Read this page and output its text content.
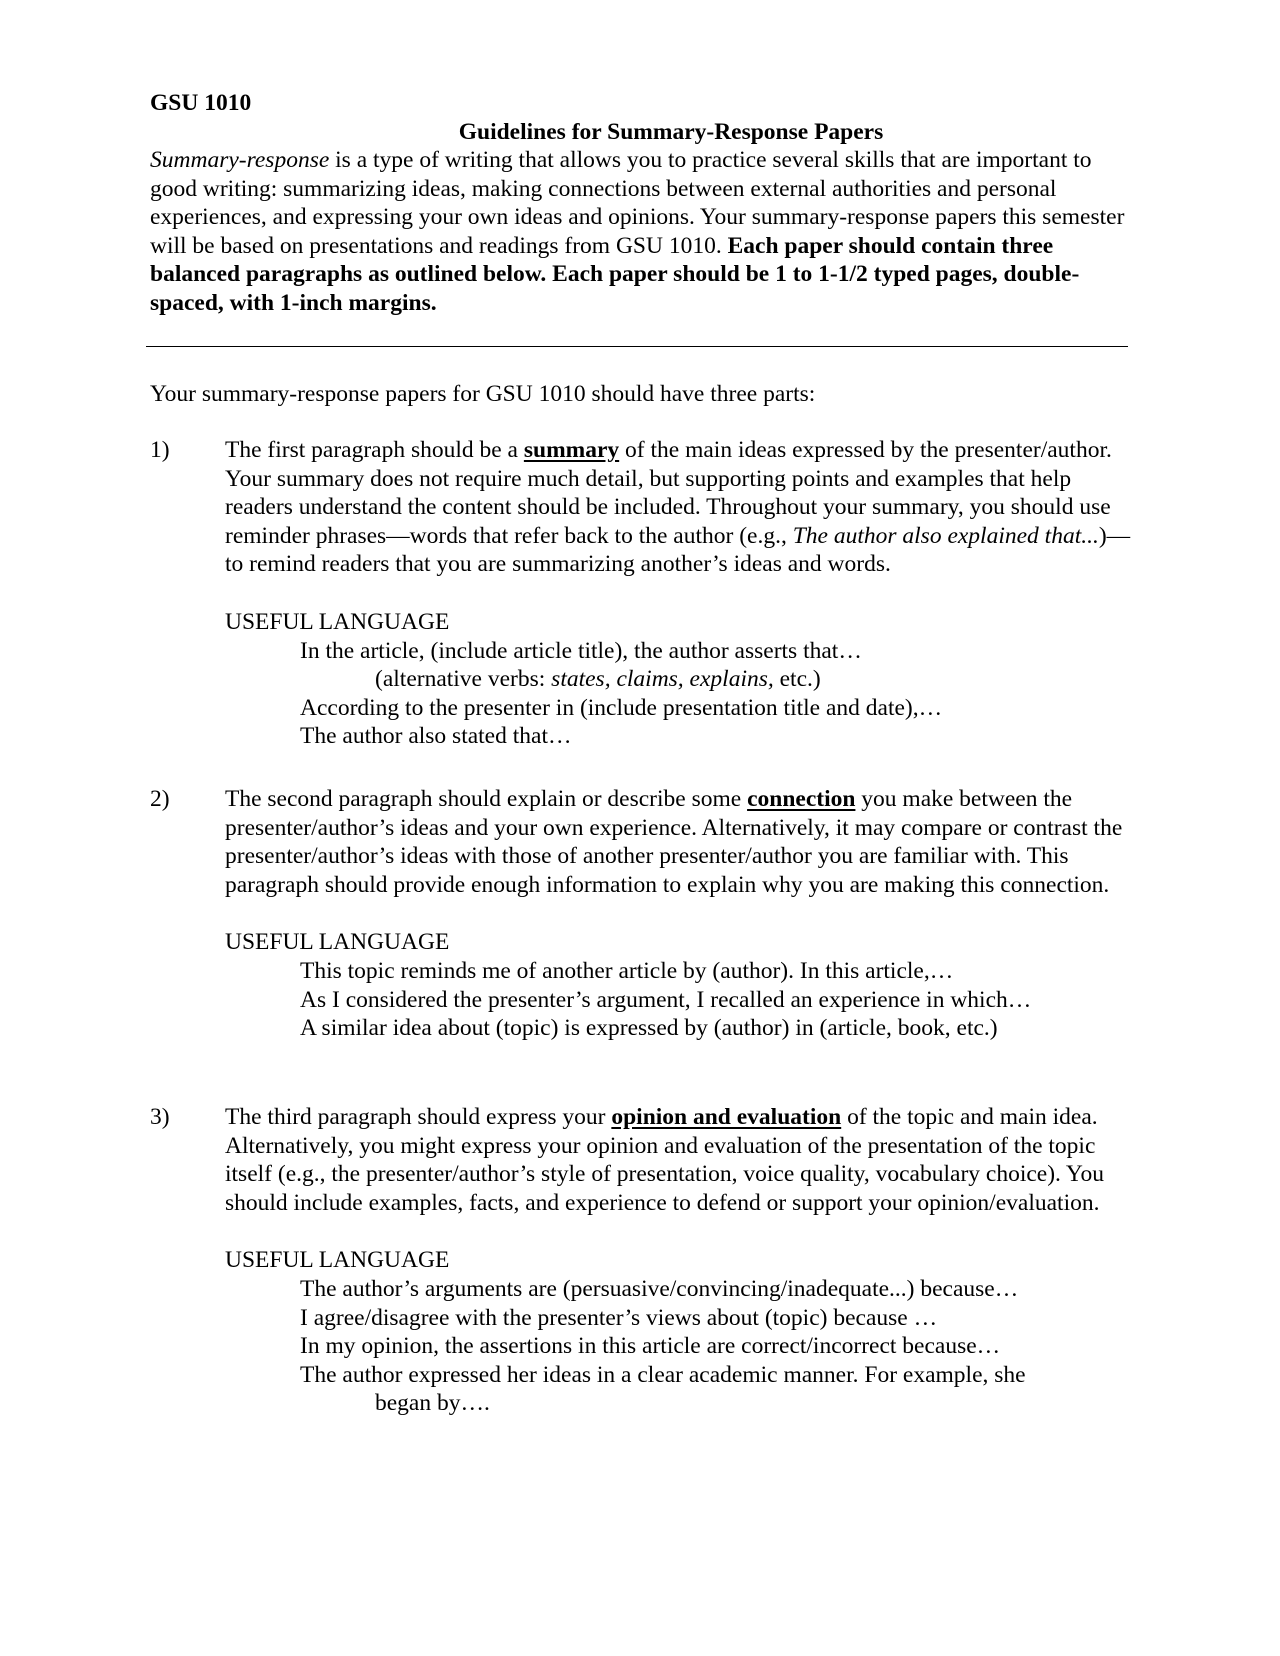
GSU 1010

Guidelines for Summary-Response Papers

Summary-response is a type of writing that allows you to practice several skills that are important to good writing: summarizing ideas, making connections between external authorities and personal experiences, and expressing your own ideas and opinions. Your summary-response papers this semester will be based on presentations and readings from GSU 1010. Each paper should contain three balanced paragraphs as outlined below. Each paper should be 1 to 1-1/2 typed pages, double-spaced, with 1-inch margins.

Your summary-response papers for GSU 1010 should have three parts:

1) The first paragraph should be a summary of the main ideas expressed by the presenter/author. Your summary does not require much detail, but supporting points and examples that help readers understand the content should be included. Throughout your summary, you should use reminder phrases—words that refer back to the author (e.g., The author also explained that...)—to remind readers that you are summarizing another’s ideas and words.
USEFUL LANGUAGE
In the article, (include article title), the author asserts that…
(alternative verbs: states, claims, explains, etc.)
According to the presenter in (include presentation title and date),…
The author also stated that…
2) The second paragraph should explain or describe some connection you make between the presenter/author’s ideas and your own experience. Alternatively, it may compare or contrast the presenter/author’s ideas with those of another presenter/author you are familiar with. This paragraph should provide enough information to explain why you are making this connection.
USEFUL LANGUAGE
This topic reminds me of another article by (author). In this article,…
As I considered the presenter’s argument, I recalled an experience in which…
A similar idea about (topic) is expressed by (author) in (article, book, etc.)
3) The third paragraph should express your opinion and evaluation of the topic and main idea. Alternatively, you might express your opinion and evaluation of the presentation of the topic itself (e.g., the presenter/author’s style of presentation, voice quality, vocabulary choice). You should include examples, facts, and experience to defend or support your opinion/evaluation.
USEFUL LANGUAGE
The author’s arguments are (persuasive/convincing/inadequate...) because…
I agree/disagree with the presenter’s views about (topic) because …
In my opinion, the assertions in this article are correct/incorrect because…
The author expressed her ideas in a clear academic manner. For example, she
began by….
